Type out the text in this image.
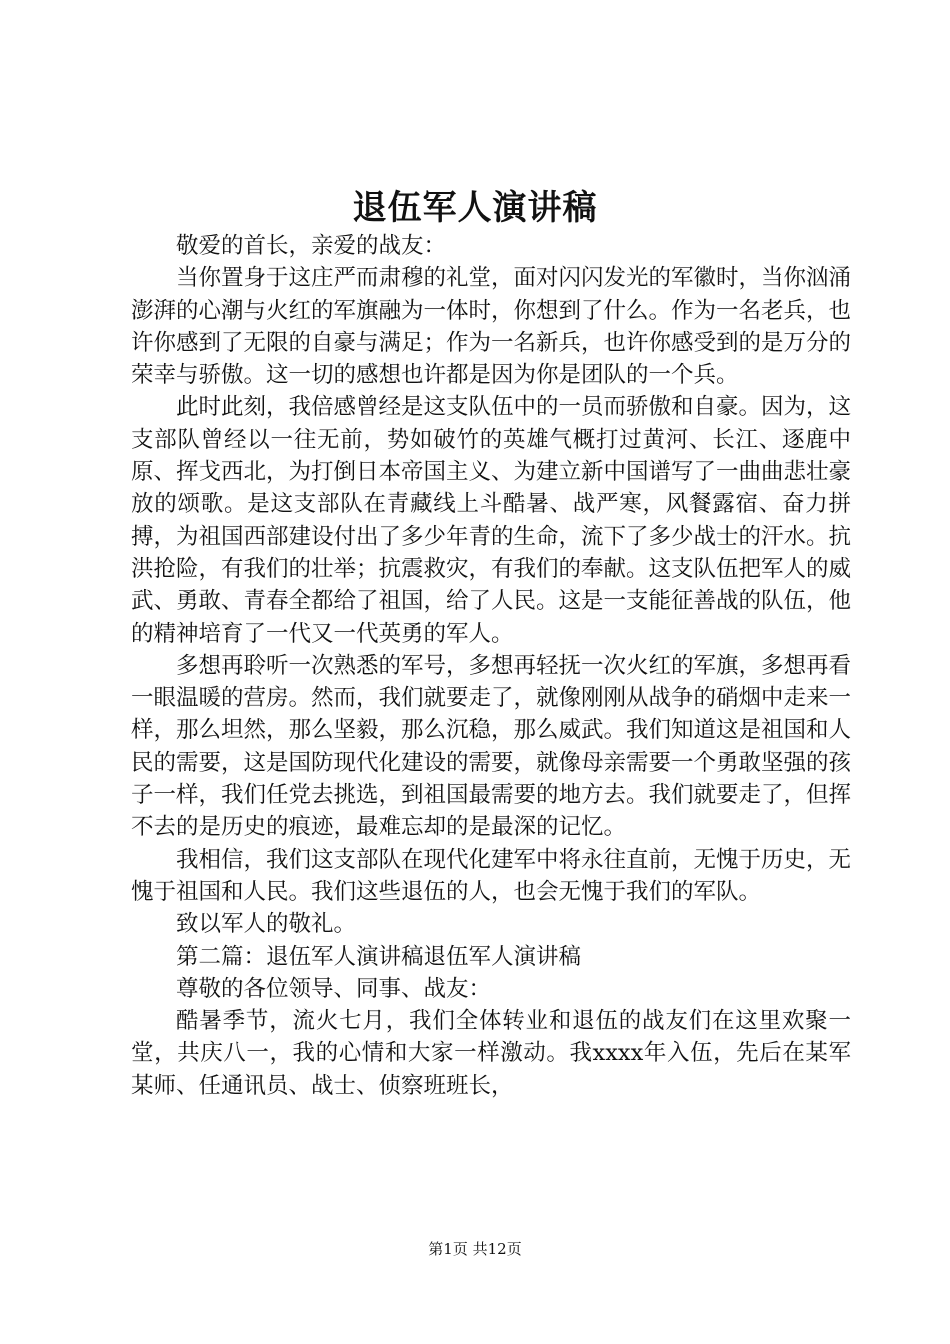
退伍军人演讲稿

敬爱的首长，亲爱的战友：

当你置身于这庄严而肃穆的礼堂，面对闪闪发光的军徽时，当你汹涌澎湃的心潮与火红的军旗融为一体时，你想到了什么。作为一名老兵，也许你感到了无限的自豪与满足；作为一名新兵，也许你感受到的是万分的荣幸与骄傲。这一切的感想也许都是因为你是团队的一个兵。

此时此刻，我倍感曾经是这支队伍中的一员而骄傲和自豪。因为，这支部队曾经以一往无前，势如破竹的英雄气概打过黄河、长江、逐鹿中原、挥戈西北，为打倒日本帝国主义、为建立新中国谱写了一曲曲悲壮豪放的颂歌。是这支部队在青藏线上斗酷暑、战严寒，风餐露宿、奋力拼搏，为祖国西部建设付出了多少年青的生命，流下了多少战士的汗水。抗洪抢险，有我们的壮举；抗震救灾，有我们的奉献。这支队伍把军人的威武、勇敢、青春全都给了祖国，给了人民。这是一支能征善战的队伍，他的精神培育了一代又一代英勇的军人。

多想再聆听一次熟悉的军号，多想再轻抚一次火红的军旗，多想再看一眼温暖的营房。然而，我们就要走了，就像刚刚从战争的硝烟中走来一样，那么坦然，那么坚毅，那么沉稳，那么威武。我们知道这是祖国和人民的需要，这是国防现代化建设的需要，就像母亲需要一个勇敢坚强的孩子一样，我们任党去挑选，到祖国最需要的地方去。我们就要走了，但挥不去的是历史的痕迹，最难忘却的是最深的记忆。

我相信，我们这支部队在现代化建军中将永往直前，无愧于历史，无愧于祖国和人民。我们这些退伍的人，也会无愧于我们的军队。

致以军人的敬礼。

第二篇：退伍军人演讲稿退伍军人演讲稿

尊敬的各位领导、同事、战友：

酷暑季节，流火七月，我们全体转业和退伍的战友们在这里欢聚一堂，共庆八一，我的心情和大家一样激动。我xxxx年入伍，先后在某军某师、任通讯员、战士、侦察班班长，

第1页 共12页
